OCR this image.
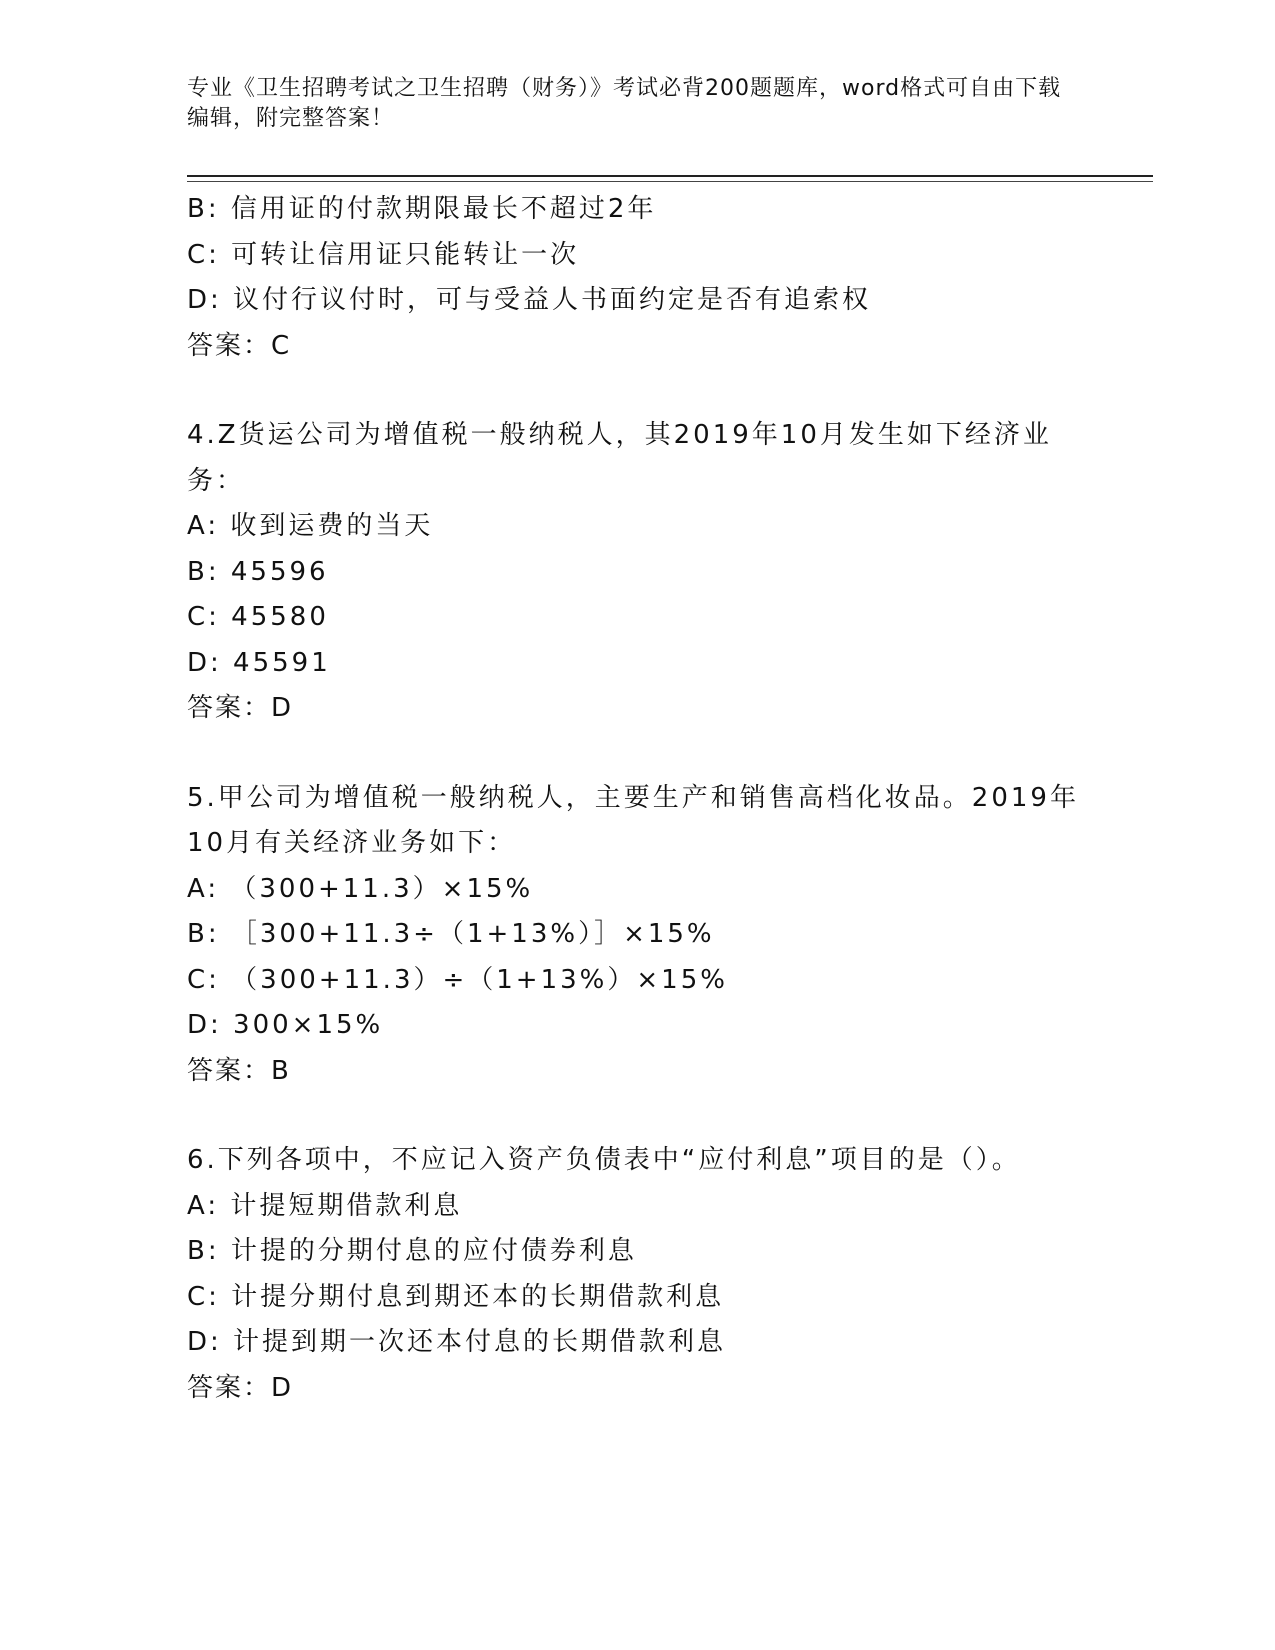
专业《卫生招聘考试之卫生招聘（财务）》考试必背200题题库，word格式可自由下载编辑，附完整答案！
B: 信用证的付款期限最长不超过2年
C: 可转让信用证只能转让一次
D: 议付行议付时，可与受益人书面约定是否有追索权
答案：C
4.Z货运公司为增值税一般纳税人，其2019年10月发生如下经济业务：
A: 收到运费的当天
B: 45596
C: 45580
D: 45591
答案：D
5.甲公司为增值税一般纳税人，主要生产和销售高档化妆品。2019年10月有关经济业务如下：
A: （300+11.3）×15%
B: ［300+11.3÷（1+13%）］×15%
C: （300+11.3）÷（1+13%）×15%
D: 300×15%
答案：B
6.下列各项中，不应记入资产负债表中“应付利息”项目的是（）。
A: 计提短期借款利息
B: 计提的分期付息的应付债券利息
C: 计提分期付息到期还本的长期借款利息
D: 计提到期一次还本付息的长期借款利息
答案：D
